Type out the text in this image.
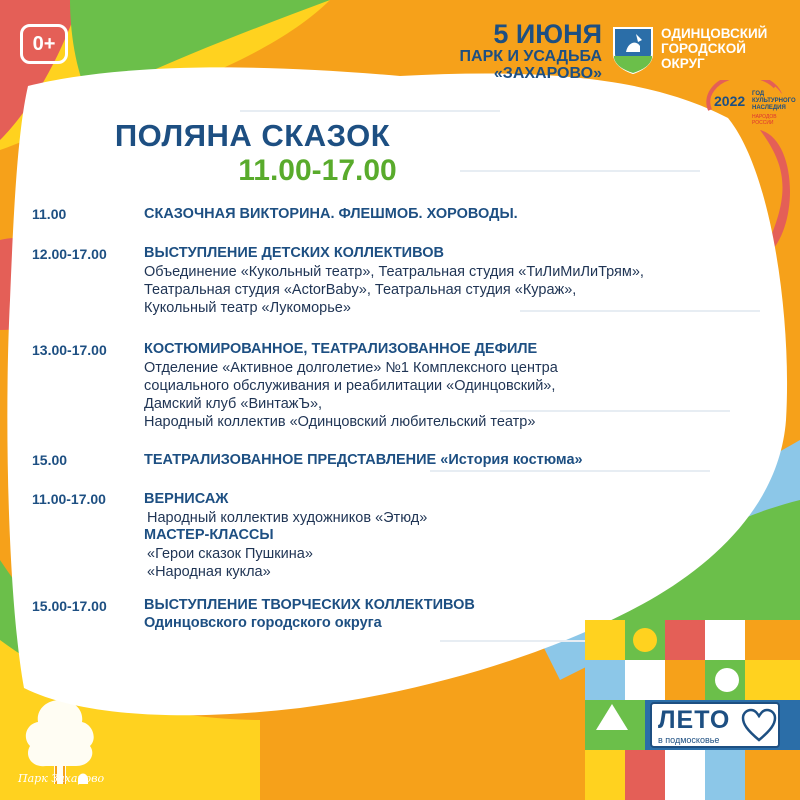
0+	5 ИЮНЯ
ПАРК И УСАДЬБА
«ЗАХАРОВО»
ОДИНЦОВСКИЙ
ГОРОДСКОЙ
ОКРУГ
2022 ГОД
КУЛЬТУРНОГО
НАСЛЕДИЯ
НАРОДОВ
РОССИИ
ПОЛЯНА СКАЗОК
11.00-17.00
11.00	СКАЗОЧНАЯ ВИКТОРИНА. ФЛЕШМОБ. ХОРОВОДЫ.
12.00-17.00	ВЫСТУПЛЕНИЕ ДЕТСКИХ КОЛЛЕКТИВОВ
Объединение «Кукольный театр», Театральная студия «ТиЛиМиЛиТрям»,
Театральная студия «ActorBaby», Театральная студия «Кураж»,
Кукольный театр «Лукоморье»
13.00-17.00	КОСТЮМИРОВАННОЕ, ТЕАТРАЛИЗОВАННОЕ ДЕФИЛЕ
Отделение «Активное долголетие» №1 Комплексного центра
социального обслуживания и реабилитации «Одинцовский»,
Дамский клуб «ВинтажЪ»,
Народный коллектив «Одинцовский любительский театр»
15.00	ТЕАТРАЛИЗОВАННОЕ ПРЕДСТАВЛЕНИЕ «История костюма»
11.00-17.00	ВЕРНИСАЖ
Народный коллектив художников «Этюд»
МАСТЕР-КЛАССЫ
«Герои сказок Пушкина»
«Народная кукла»
15.00-17.00	ВЫСТУПЛЕНИЕ ТВОРЧЕСКИХ КОЛЛЕКТИВОВ
Одинцовского городского округа
Парк Захарово
ЛЕТО
в подмосковье
